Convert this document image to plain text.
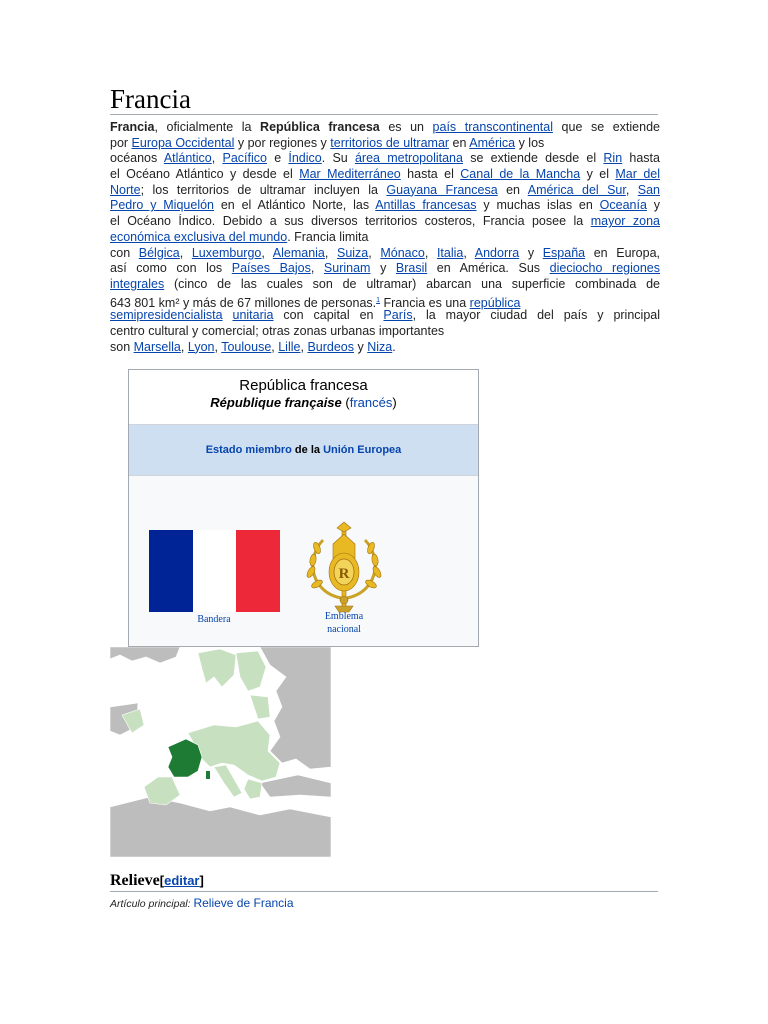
Francia
Francia, oficialmente la República francesa es un país transcontinental que se extiende
por Europa Occidental y por regiones y territorios de ultramar en América y los
océanos Atlántico, Pacífico e Índico. Su área metropolitana se extiende desde el Rin hasta
el Océano Atlántico y desde el Mar Mediterráneo hasta el Canal de la Mancha y el Mar del
Norte; los territorios de ultramar incluyen la Guayana Francesa en América del Sur, San
Pedro y Miquelón en el Atlántico Norte, las Antillas francesas y muchas islas en Oceanía y
el Océano Índico. Debido a sus diversos territorios costeros, Francia posee la mayor zona
económica exclusiva del mundo. Francia limita
con Bélgica, Luxemburgo, Alemania, Suiza, Mónaco, Italia, Andorra y España en Europa,
así como con los Países Bajos, Surinam y Brasil en América. Sus dieciocho regiones
integrales (cinco de las cuales son de ultramar) abarcan una superficie combinada de
643 801 km² y más de 67 millones de personas.$^1$ Francia es una república
semipresidencialista unitaria con capital en París, la mayor ciudad del país y principal
centro cultural y comercial; otras zonas urbanas importantes
son Marsella, Lyon, Toulouse, Lille, Burdeos y Niza.
República francesa
République française (francés)
Estado miembro de la Unión Europea
Bandera
R
Emblema
nacional
Relieve[editar]
Artículo principal: Relieve de Francia
